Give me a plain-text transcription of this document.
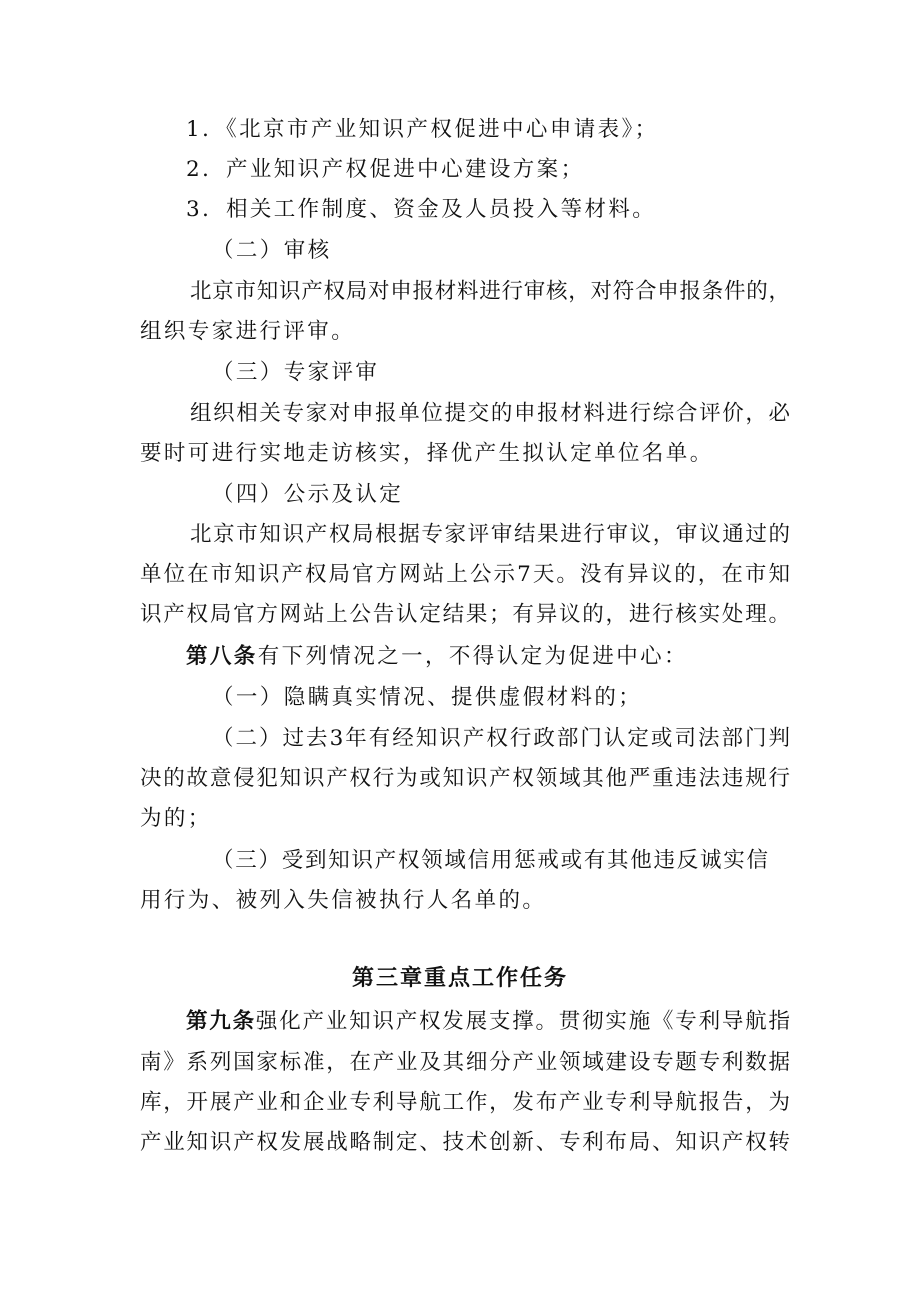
1．《北京市产业知识产权促进中心申请表》；
2．产业知识产权促进中心建设方案；
3．相关工作制度、资金及人员投入等材料。
（二）审核
北京市知识产权局对申报材料进行审核，对符合申报条件的，
组织专家进行评审。
（三）专家评审
组织相关专家对申报单位提交的申报材料进行综合评价，必
要时可进行实地走访核实，择优产生拟认定单位名单。
（四）公示及认定
北京市知识产权局根据专家评审结果进行审议，审议通过的
单位在市知识产权局官方网站上公示7天。没有异议的，在市知
识产权局官方网站上公告认定结果；有异议的，进行核实处理。
第八条有下列情况之一，不得认定为促进中心：
（一）隐瞒真实情况、提供虚假材料的；
（二）过去3年有经知识产权行政部门认定或司法部门判
决的故意侵犯知识产权行为或知识产权领域其他严重违法违规行
为的；
（三）受到知识产权领域信用惩戒或有其他违反诚实信
用行为、被列入失信被执行人名单的。
第三章重点工作任务
第九条强化产业知识产权发展支撑。贯彻实施《专利导航指
南》系列国家标准，在产业及其细分产业领域建设专题专利数据
库，开展产业和企业专利导航工作，发布产业专利导航报告，为
产业知识产权发展战略制定、技术创新、专利布局、知识产权转
